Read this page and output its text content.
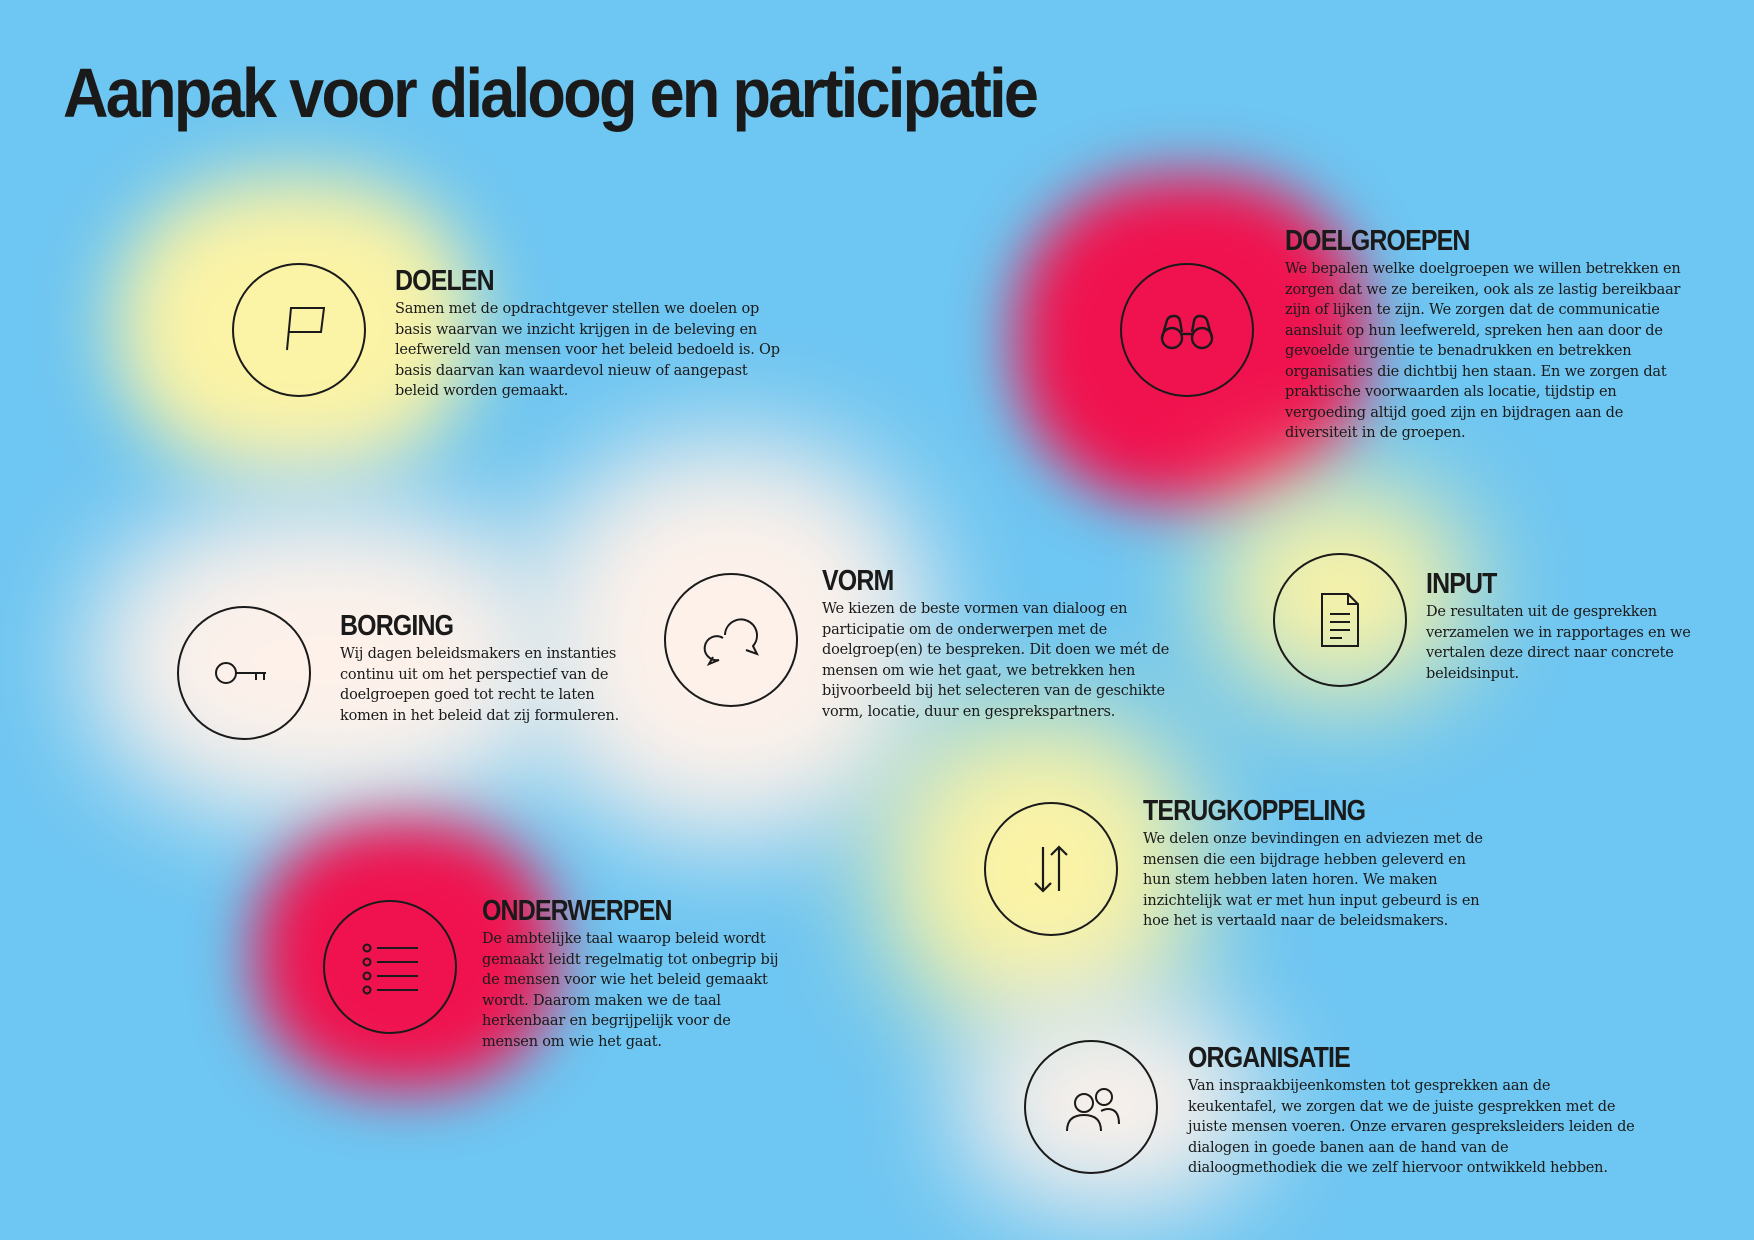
Aanpak voor dialoog en participatie
DOELEN

Samen met de opdrachtgever stellen we doelen op basis waarvan we inzicht krijgen in de beleving en leefwereld van mensen voor het beleid bedoeld is. Op basis daarvan kan waardevol nieuw of aangepast beleid worden gemaakt.

DOELGROEPEN

We bepalen welke doelgroepen we willen betrekken en zorgen dat we ze bereiken, ook als ze lastig bereikbaar zijn of lijken te zijn. We zorgen dat de communicatie aansluit op hun leefwereld, spreken hen aan door de gevoelde urgentie te benadrukken en betrekken organisaties die dichtbij hen staan. En we zorgen dat praktische voorwaarden als locatie, tijdstip en vergoeding altijd goed zijn en bijdragen aan de diversiteit in de groepen.

BORGING

Wij dagen beleidsmakers en instanties continu uit om het perspectief van de doelgroepen goed tot recht te laten komen in het beleid dat zij formuleren.

VORM

We kiezen de beste vormen van dialoog en participatie om de onderwerpen met de doelgroep(en) te bespreken. Dit doen we mét de mensen om wie het gaat, we betrekken hen bijvoorbeeld bij het selecteren van de geschikte vorm, locatie, duur en gesprekspartners.

INPUT

De resultaten uit de gesprekken verzamelen we in rapportages en we vertalen deze direct naar concrete beleidsinput.

TERUGKOPPELING

We delen onze bevindingen en adviezen met de mensen die een bijdrage hebben geleverd en hun stem hebben laten horen. We maken inzichtelijk wat er met hun input gebeurd is en hoe het is vertaald naar de beleidsmakers.

ONDERWERPEN

De ambtelijke taal waarop beleid wordt gemaakt leidt regelmatig tot onbegrip bij de mensen voor wie het beleid gemaakt wordt. Daarom maken we de taal herkenbaar en begrijpelijk voor de mensen om wie het gaat.

ORGANISATIE

Van inspraakbijeenkomsten tot gesprekken aan de keukentafel, we zorgen dat we de juiste gesprekken met de juiste mensen voeren. Onze ervaren gespreksleiders leiden de dialogen in goede banen aan de hand van de dialoogmethodiek die we zelf hiervoor ontwikkeld hebben.
